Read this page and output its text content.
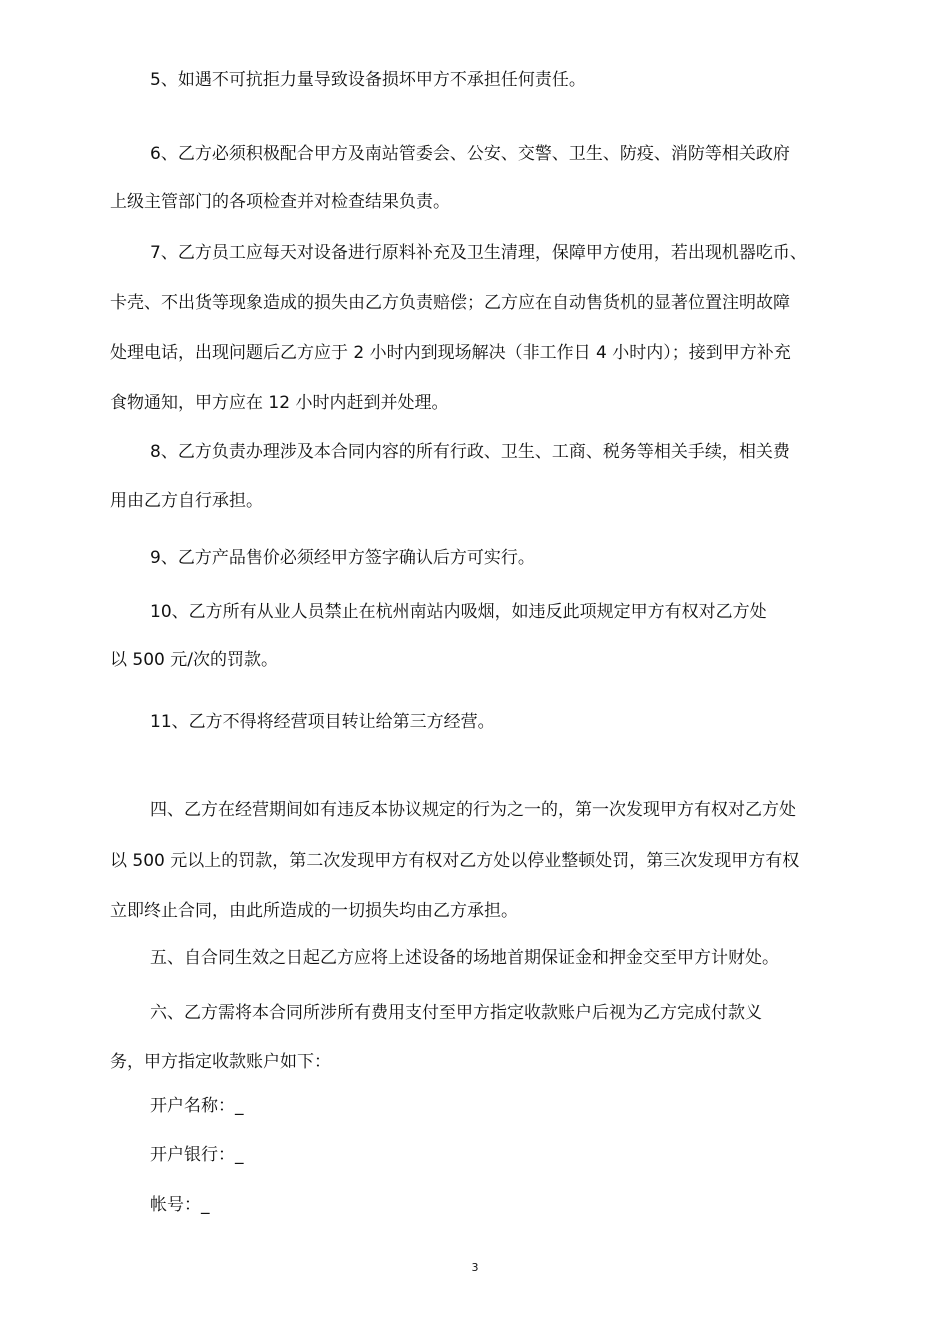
5、如遇不可抗拒力量导致设备损坏甲方不承担任何责任。
6、乙方必须积极配合甲方及南站管委会、公安、交警、卫生、防疫、消防等相关政府
上级主管部门的各项检查并对检查结果负责。
7、乙方员工应每天对设备进行原料补充及卫生清理，保障甲方使用，若出现机器吃币、
卡壳、不出货等现象造成的损失由乙方负责赔偿；乙方应在自动售货机的显著位置注明故障
处理电话，出现问题后乙方应于 2 小时内到现场解决（非工作日 4 小时内）；接到甲方补充
食物通知，甲方应在 12 小时内赶到并处理。
8、乙方负责办理涉及本合同内容的所有行政、卫生、工商、税务等相关手续，相关费
用由乙方自行承担。
9、乙方产品售价必须经甲方签字确认后方可实行。
10、乙方所有从业人员禁止在杭州南站内吸烟，如违反此项规定甲方有权对乙方处
以 500 元/次的罚款。
11、乙方不得将经营项目转让给第三方经营。
四、乙方在经营期间如有违反本协议规定的行为之一的，第一次发现甲方有权对乙方处
以 500 元以上的罚款，第二次发现甲方有权对乙方处以停业整顿处罚，第三次发现甲方有权
立即终止合同，由此所造成的一切损失均由乙方承担。
五、自合同生效之日起乙方应将上述设备的场地首期保证金和押金交至甲方计财处。
六、乙方需将本合同所涉所有费用支付至甲方指定收款账户后视为乙方完成付款义
务，甲方指定收款账户如下：
开户名称：_
开户银行：_
帐号：_
3
